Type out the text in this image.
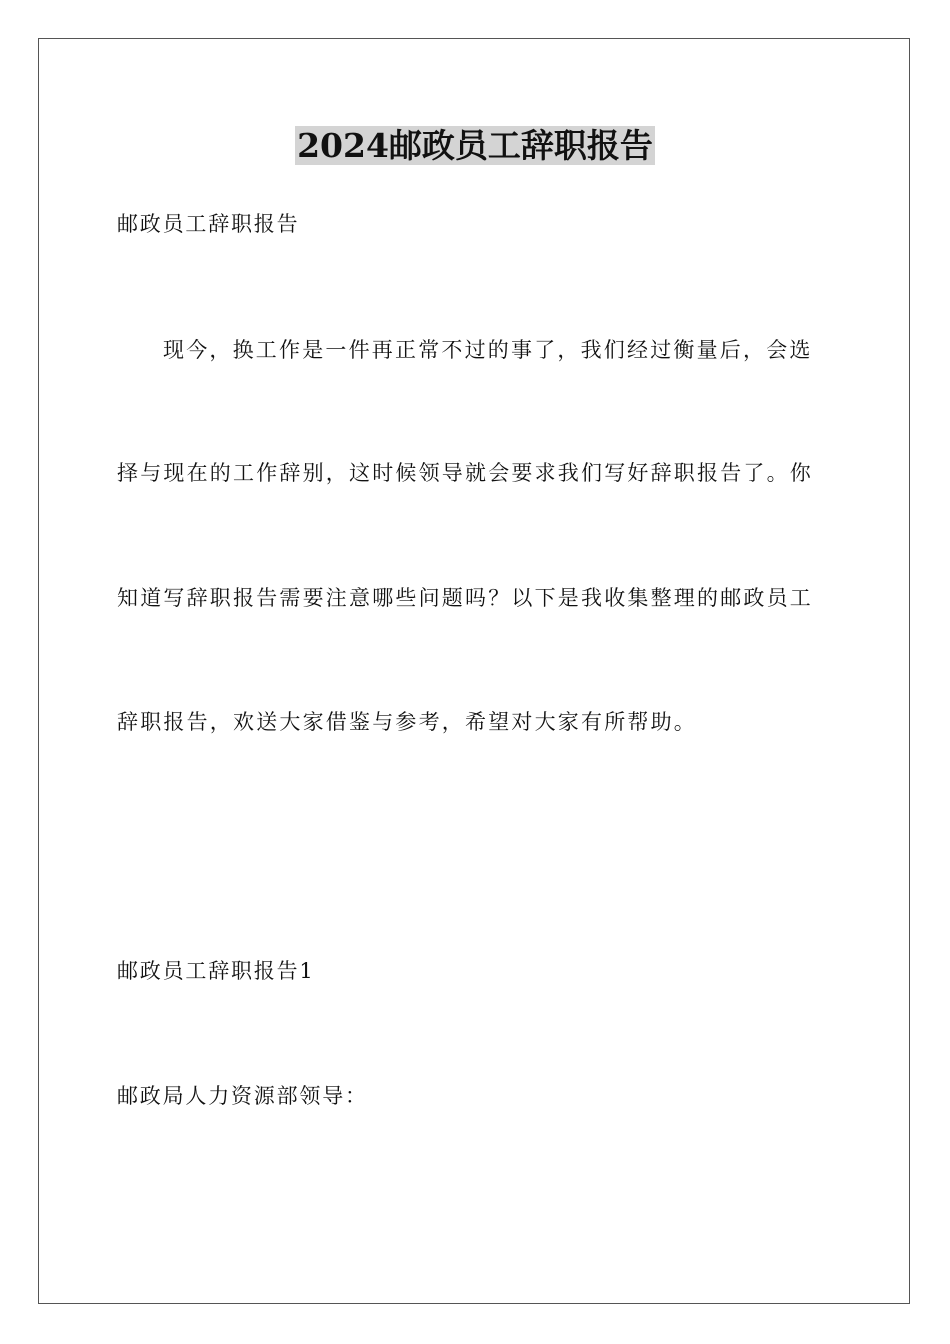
2024邮政员工辞职报告
邮政员工辞职报告
现今，换工作是一件再正常不过的事了，我们经过衡量后，会选
择与现在的工作辞别，这时候领导就会要求我们写好辞职报告了。你
知道写辞职报告需要注意哪些问题吗？以下是我收集整理的邮政员工
辞职报告，欢送大家借鉴与参考，希望对大家有所帮助。
邮政员工辞职报告1
邮政局人力资源部领导：
